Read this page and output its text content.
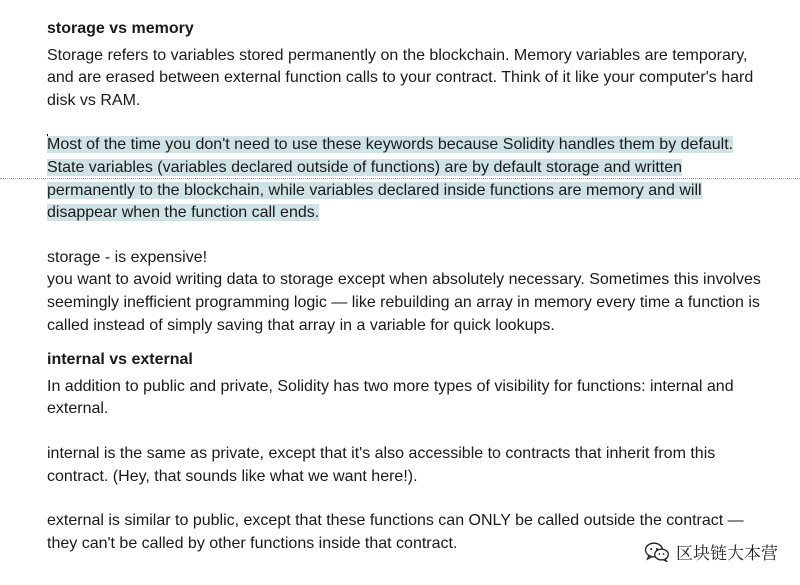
storage vs memory

Storage refers to variables stored permanently on the blockchain. Memory variables are temporary, and are erased between external function calls to your contract. Think of it like your computer's hard disk vs RAM.

Most of the time you don't need to use these keywords because Solidity handles them by default. State variables (variables declared outside of functions) are by default storage and written permanently to the blockchain, while variables declared inside functions are memory and will disappear when the function call ends.

storage - is expensive!

you want to avoid writing data to storage except when absolutely necessary. Sometimes this involves seemingly inefficient programming logic — like rebuilding an array in memory every time a function is called instead of simply saving that array in a variable for quick lookups.

internal vs external

In addition to public and private, Solidity has two more types of visibility for functions: internal and external.

internal is the same as private, except that it's also accessible to contracts that inherit from this contract. (Hey, that sounds like what we want here!).

external is similar to public, except that these functions can ONLY be called outside the contract — they can't be called by other functions inside that contract.

区块链大本营
